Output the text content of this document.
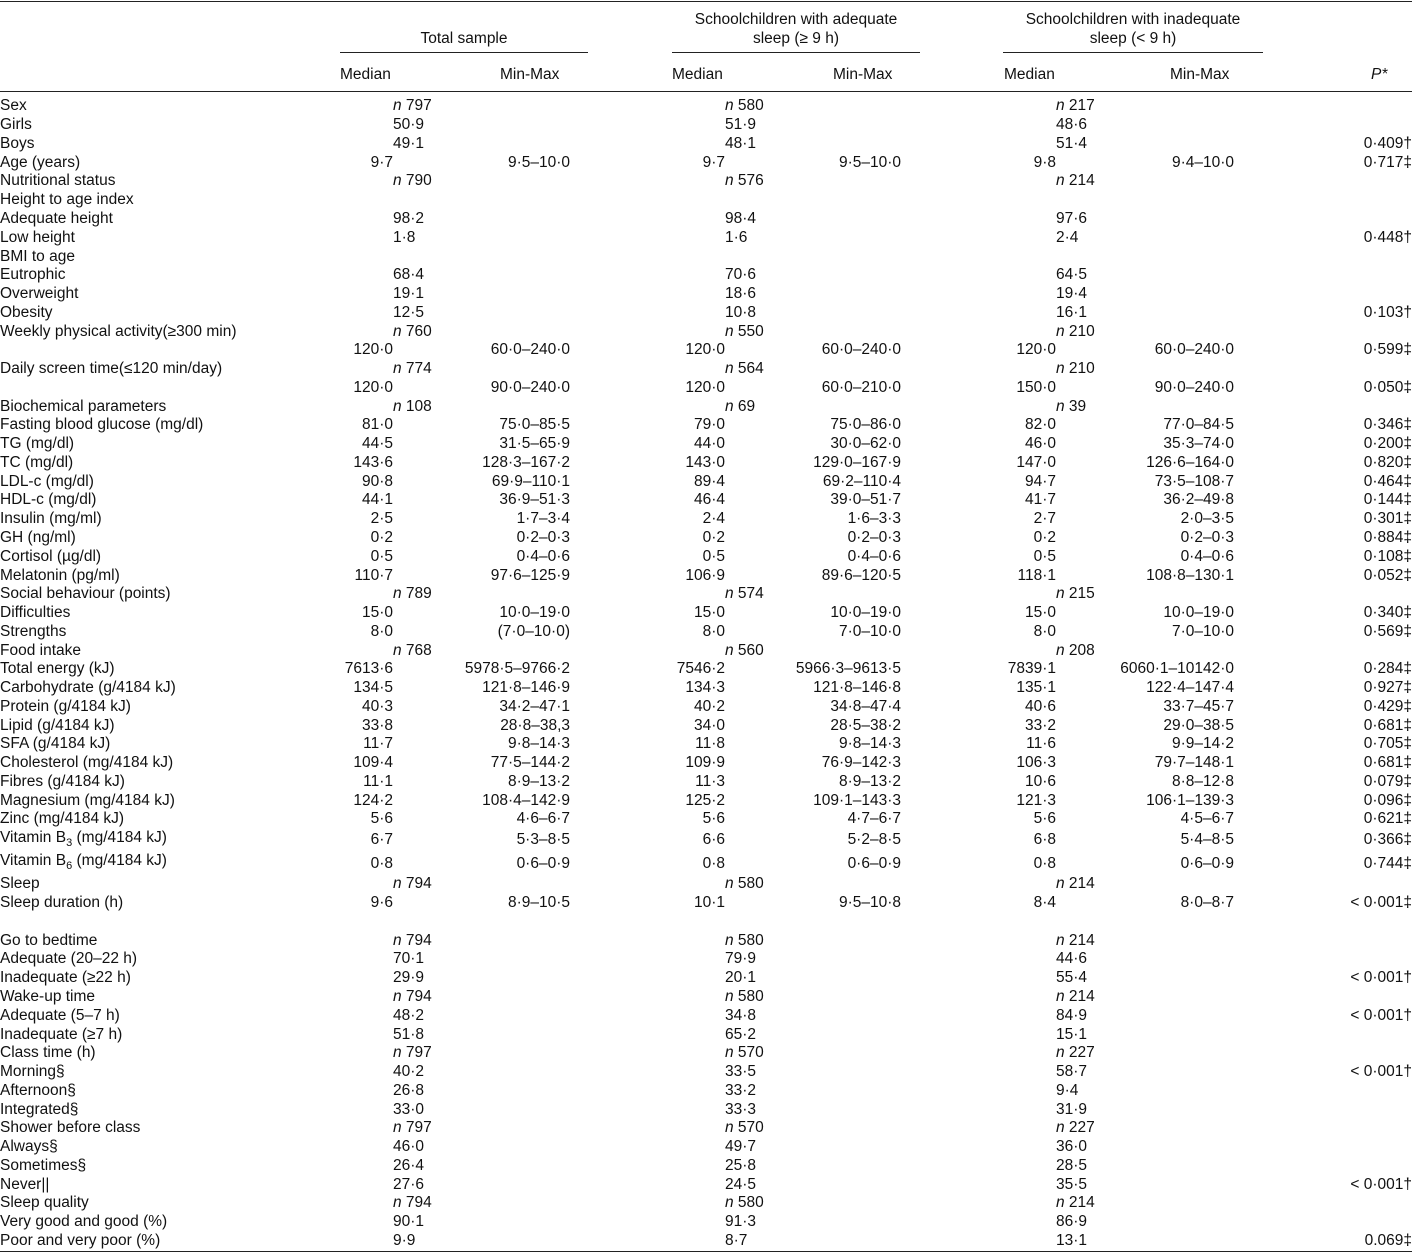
Total sample
Schoolchildren with adequate
sleep (≥ 9 h)
Schoolchildren with inadequate
sleep (< 9 h)
Median	Min-Max	Median	Min-Max	Median	Min-Max	P*
Sex		n 797			n 580			n 217		
Girls		50·9			51·9			48·6		
Boys		49·1			48·1			51·4		0·409†
Age (years)	9·7		9·5–10·0	9·7		9·5–10·0	9·8		9·4–10·0	0·717‡
Nutritional status		n 790			n 576			n 214		
Height to age index										
Adequate height		98·2			98·4			97·6		
Low height		1·8			1·6			2·4		0·448†
BMI to age										
Eutrophic		68·4			70·6			64·5		
Overweight		19·1			18·6			19·4		
Obesity		12·5			10·8			16·1		0·103†
Weekly physical activity(≥300 min)		n 760			n 550			n 210		
	120·0		60·0–240·0	120·0		60·0–240·0	120·0		60·0–240·0	0·599‡
Daily screen time(≤120 min/day)		n 774			n 564			n 210		
	120·0		90·0–240·0	120·0		60·0–210·0	150·0		90·0–240·0	0·050‡
Biochemical parameters		n 108			n 69			n 39		
Fasting blood glucose (mg/dl)	81·0		75·0–85·5	79·0		75·0–86·0	82·0		77·0–84·5	0·346‡
TG (mg/dl)	44·5		31·5–65·9	44·0		30·0–62·0	46·0		35·3–74·0	0·200‡
TC (mg/dl)	143·6		128·3–167·2	143·0		129·0–167·9	147·0		126·6–164·0	0·820‡
LDL-c (mg/dl)	90·8		69·9–110·1	89·4		69·2–110·4	94·7		73·5–108·7	0·464‡
HDL-c (mg/dl)	44·1		36·9–51·3	46·4		39·0–51·7	41·7		36·2–49·8	0·144‡
Insulin (mg/ml)	2·5		1·7–3·4	2·4		1·6–3·3	2·7		2·0–3·5	0·301‡
GH (ng/ml)	0·2		0·2–0·3	0·2		0·2–0·3	0·2		0·2–0·3	0·884‡
Cortisol (µg/dl)	0·5		0·4–0·6	0·5		0·4–0·6	0·5		0·4–0·6	0·108‡
Melatonin (pg/ml)	110·7		97·6–125·9	106·9		89·6–120·5	118·1		108·8–130·1	0·052‡
Social behaviour (points)		n 789			n 574			n 215		
Difficulties	15·0		10·0–19·0	15·0		10·0–19·0	15·0		10·0–19·0	0·340‡
Strengths	8·0		(7·0–10·0)	8·0		7·0–10·0	8·0		7·0–10·0	0·569‡
Food intake		n 768			n 560			n 208		
Total energy (kJ)	7613·6		5978·5–9766·2	7546·2		5966·3–9613·5	7839·1		6060·1–10142·0	0·284‡
Carbohydrate (g/4184 kJ)	134·5		121·8–146·9	134·3		121·8–146·8	135·1		122·4–147·4	0·927‡
Protein (g/4184 kJ)	40·3		34·2–47·1	40·2		34·8–47·4	40·6		33·7–45·7	0·429‡
Lipid (g/4184 kJ)	33·8		28·8–38,3	34·0		28·5–38·2	33·2		29·0–38·5	0·681‡
SFA (g/4184 kJ)	11·7		9·8–14·3	11·8		9·8–14·3	11·6		9·9–14·2	0·705‡
Cholesterol (mg/4184 kJ)	109·4		77·5–144·2	109·9		76·9–142·3	106·3		79·7–148·1	0·681‡
Fibres (g/4184 kJ)	11·1		8·9–13·2	11·3		8·9–13·2	10·6		8·8–12·8	0·079‡
Magnesium (mg/4184 kJ)	124·2		108·4–142·9	125·2		109·1–143·3	121·3		106·1–139·3	0·096‡
Zinc (mg/4184 kJ)	5·6		4·6–6·7	5·6		4·7–6·7	5·6		4·5–6·7	0·621‡
Vitamin $B_3$ (mg/4184 kJ)	6·7		5·3–8·5	6·6		5·2–8·5	6·8		5·4–8·5	0·366‡
Vitamin $B_6$ (mg/4184 kJ)	0·8		0·6–0·9	0·8		0·6–0·9	0·8		0·6–0·9	0·744‡
Sleep		n 794			n 580			n 214		
Sleep duration (h)	9·6		8·9–10·5	10·1		9·5–10·8	8·4		8·0–8·7	< 0·001‡

Go to bedtime		n 794			n 580			n 214		
Adequate (20–22 h)		70·1			79·9			44·6		
Inadequate (≥22 h)		29·9			20·1			55·4		< 0·001†
Wake-up time		n 794			n 580			n 214		
Adequate (5–7 h)		48·2			34·8			84·9		< 0·001†
Inadequate (≥7 h)		51·8			65·2			15·1		
Class time (h)		n 797			n 570			n 227		
Morning§		40·2			33·5			58·7		< 0·001†
Afternoon§		26·8			33·2			9·4		
Integrated§		33·0			33·3			31·9		
Shower before class		n 797			n 570			n 227		
Always§		46·0			49·7			36·0		
Sometimes§		26·4			25·8			28·5		
Never||		27·6			24·5			35·5		< 0·001†
Sleep quality		n 794			n 580			n 214		
Very good and good (%)		90·1			91·3			86·9		
Poor and very poor (%)		9·9			8·7			13·1		0.069‡
